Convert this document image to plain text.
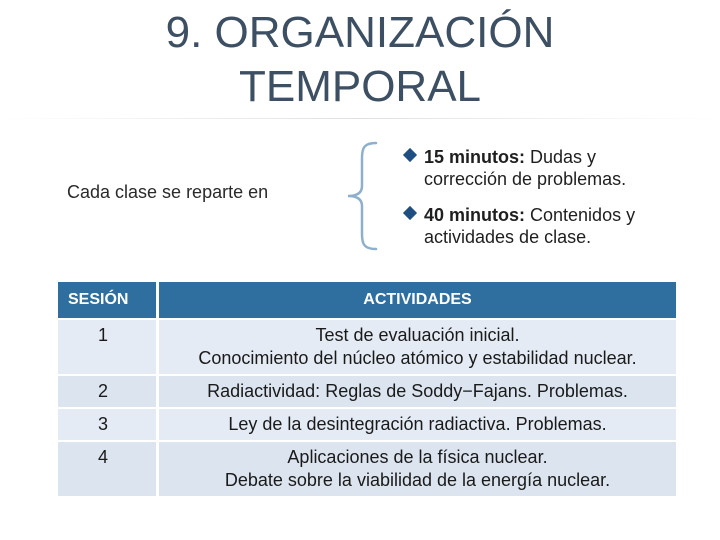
9. ORGANIZACIÓN
TEMPORAL
Cada clase se reparte en
15 minutos: Dudas y
corrección de problemas.
40 minutos: Contenidos y
actividades de clase.
SESIÓN	ACTIVIDADES
1	Test de evaluación inicial.
Conocimiento del núcleo atómico y estabilidad nuclear.

2	Radiactividad: Reglas de Soddy−Fajans. Problemas.

3	Ley de la desintegración radiactiva. Problemas.

4	Aplicaciones de la física nuclear.
Debate sobre la viabilidad de la energía nuclear.
